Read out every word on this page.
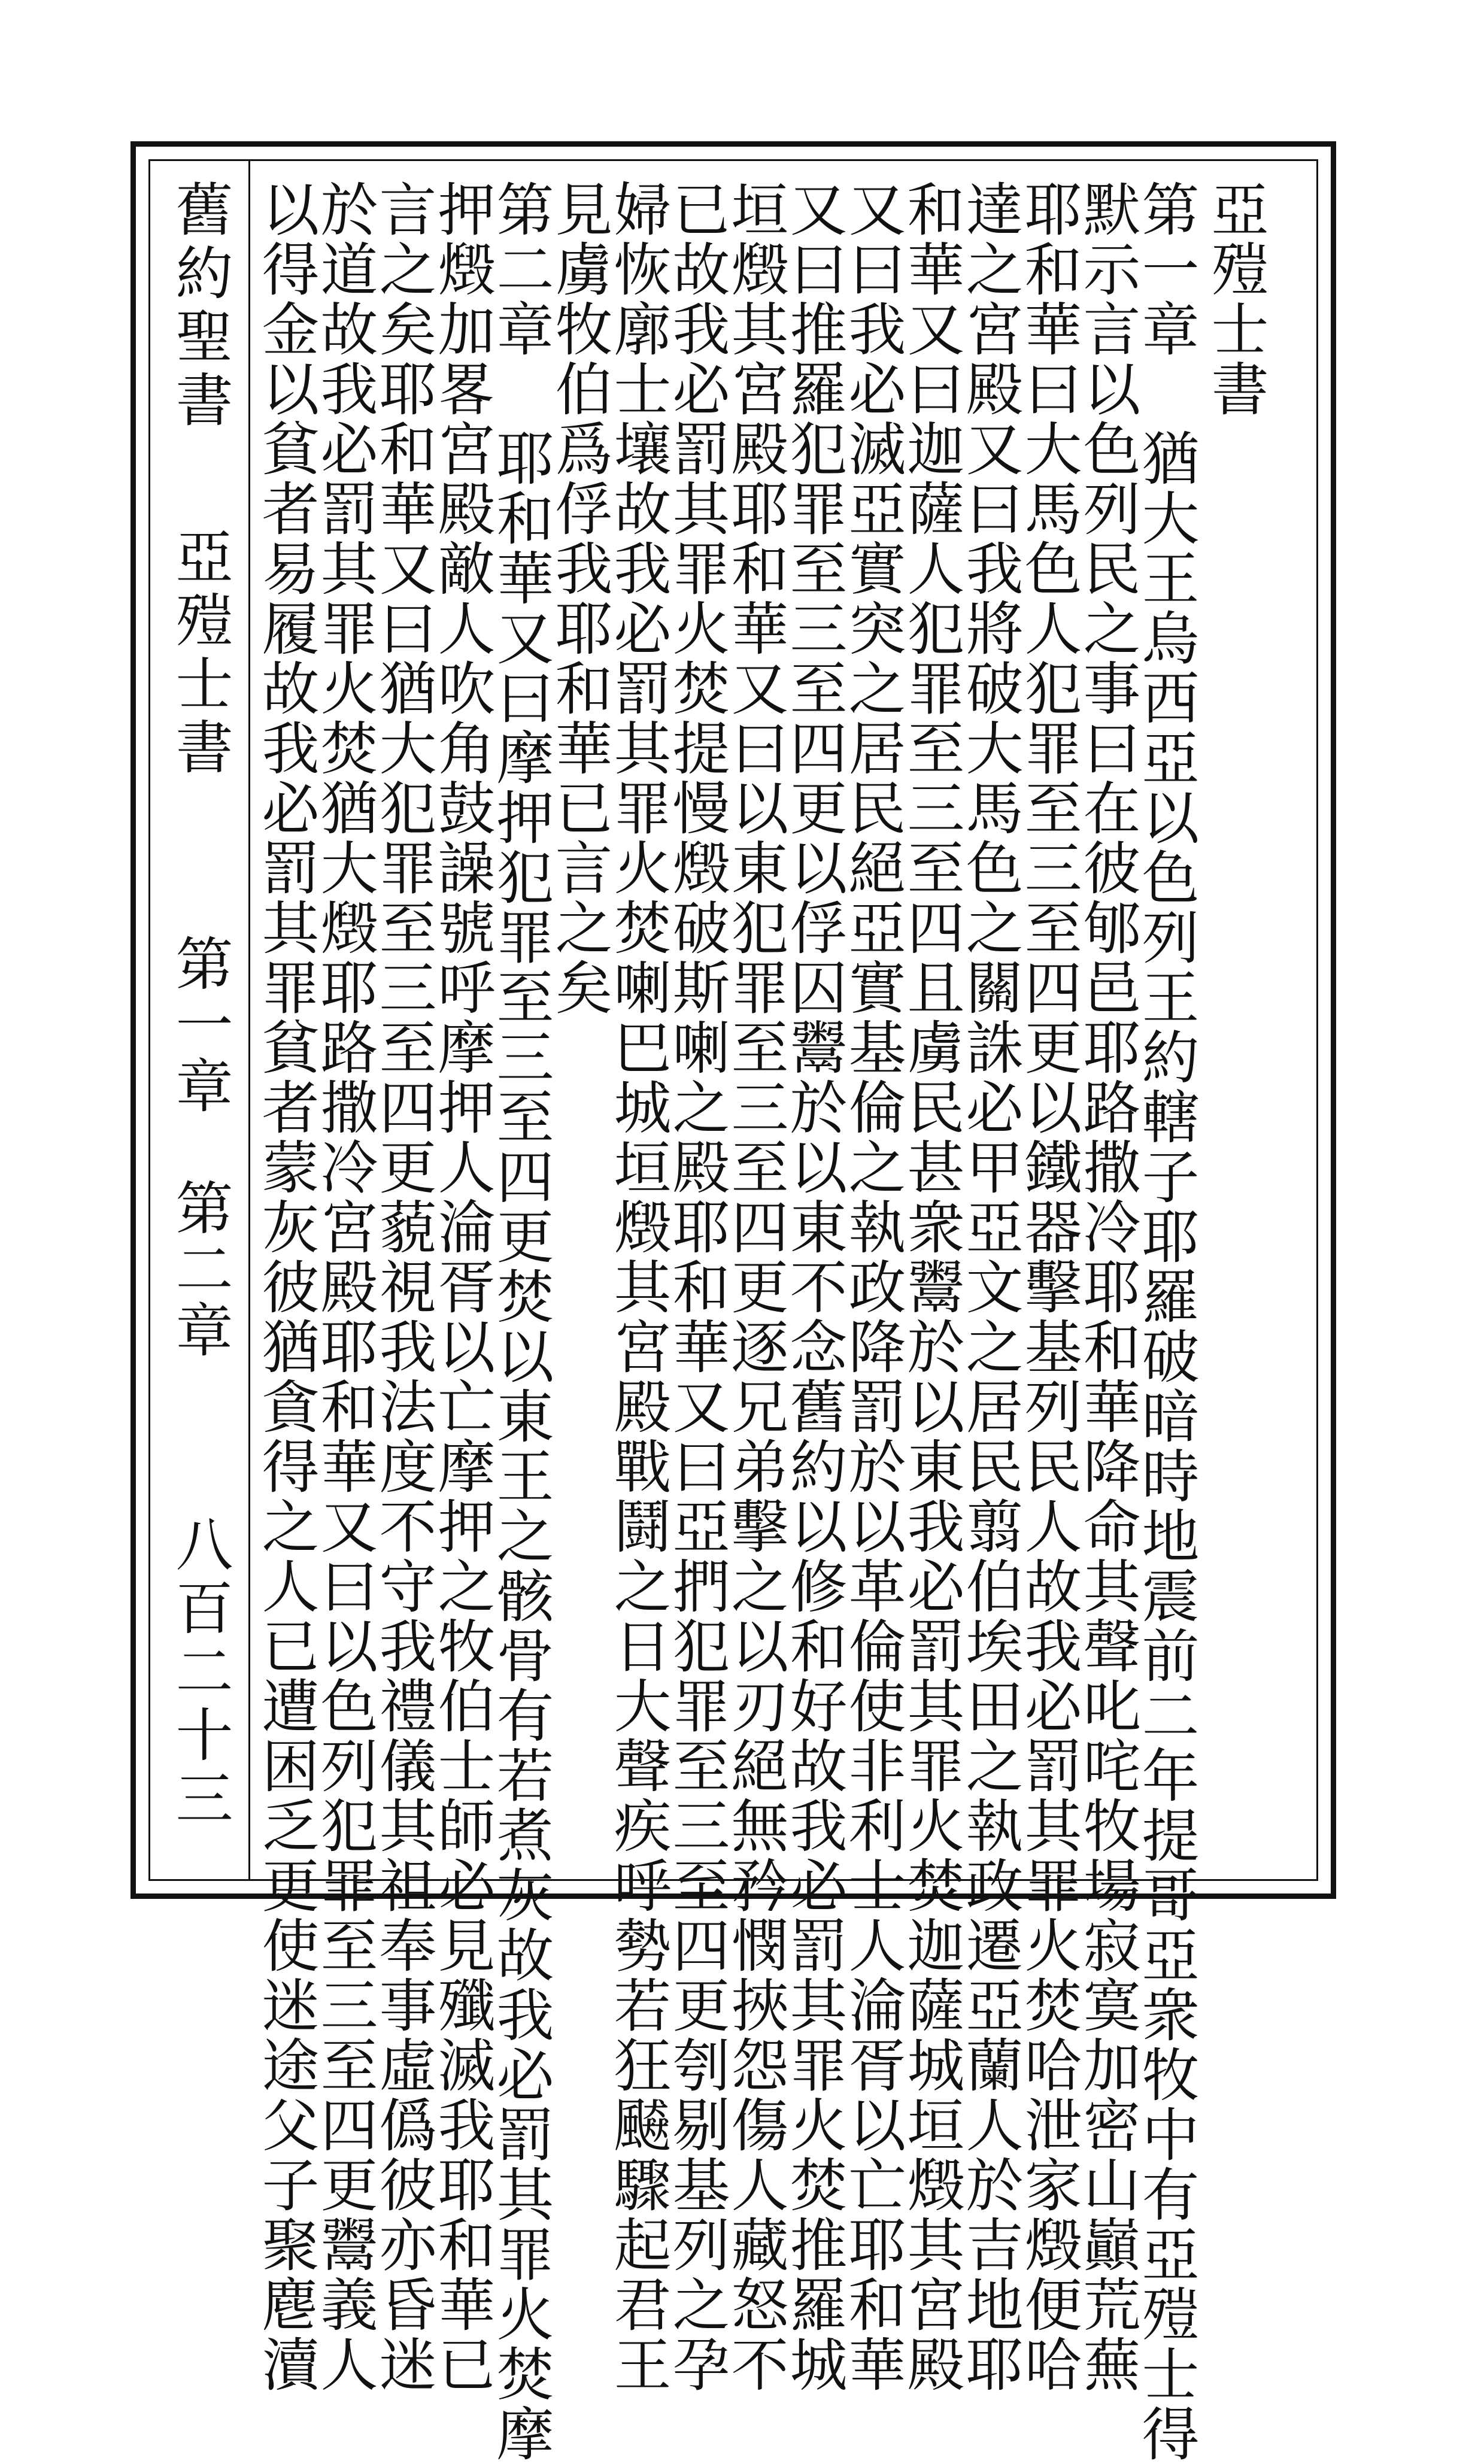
舊約聖書
亞㱯士書
第一章　第二章
八百二十三
亞㱯士書
第一章 猶大王烏西亞以色列王約轄子耶羅破暗時地震前二年提哥亞衆牧中有亞㱯士得
默示言以色列民之事曰在彼郇邑耶路撒冷耶和華降命其聲叱咤牧場寂寞加密山巓荒蕪
耶和華曰大馬色人犯罪至三至四更以鐵器擊基列民人故我必罰其罪火焚哈泄家燬便哈
達之宮殿又曰我將破大馬色之關誅必甲亞文之居民翦伯埃田之執政遷亞蘭人於吉地耶
和華又曰迦薩人犯罪至三至四且虜民甚衆鬻於以東我必罰其罪火焚迦薩城垣燬其宮殿
又曰我必滅亞實突之居民絕亞實基倫之執政降罰於以革倫使非利士人淪胥以亡耶和華
又曰推羅犯罪至三至四更以俘囚鬻於以東不念舊約以修和好故我必罰其罪火焚推羅城
垣燬其宮殿耶和華又曰以東犯罪至三至四更逐兄弟擊之以刃絕無矜憫挾怨傷人藏怒不
已故我必罰其罪火焚提慢燬破斯喇之殿耶和華又曰亞捫犯罪至三至四更刳剔基列之孕
婦恢廓士壤故我必罰其罪火焚喇巴城垣燬其宮殿戰鬪之日大聲疾呼勢若狂飇驟起君王
見虜牧伯爲俘我耶和華已言之矣
第二章 耶和華又曰摩押犯罪至三至四更焚以東王之骸骨有若煮灰故我必罰其罪火焚摩
押燬加畧宮殿敵人吹角鼓譟號呼摩押人淪胥以亡摩押之牧伯士師必見殲滅我耶和華已
言之矣耶和華又曰猶大犯罪至三至四更藐視我法度不守我禮儀其祖奉事虛僞彼亦昏迷
於道故我必罰其罪火焚猶大燬耶路撒冷宮殿耶和華又曰以色列犯罪至三至四更鬻義人
以得金以貧者易履故我必罰其罪貧者蒙灰彼猶貪得之人已遭困乏更使迷途父子聚麀瀆
